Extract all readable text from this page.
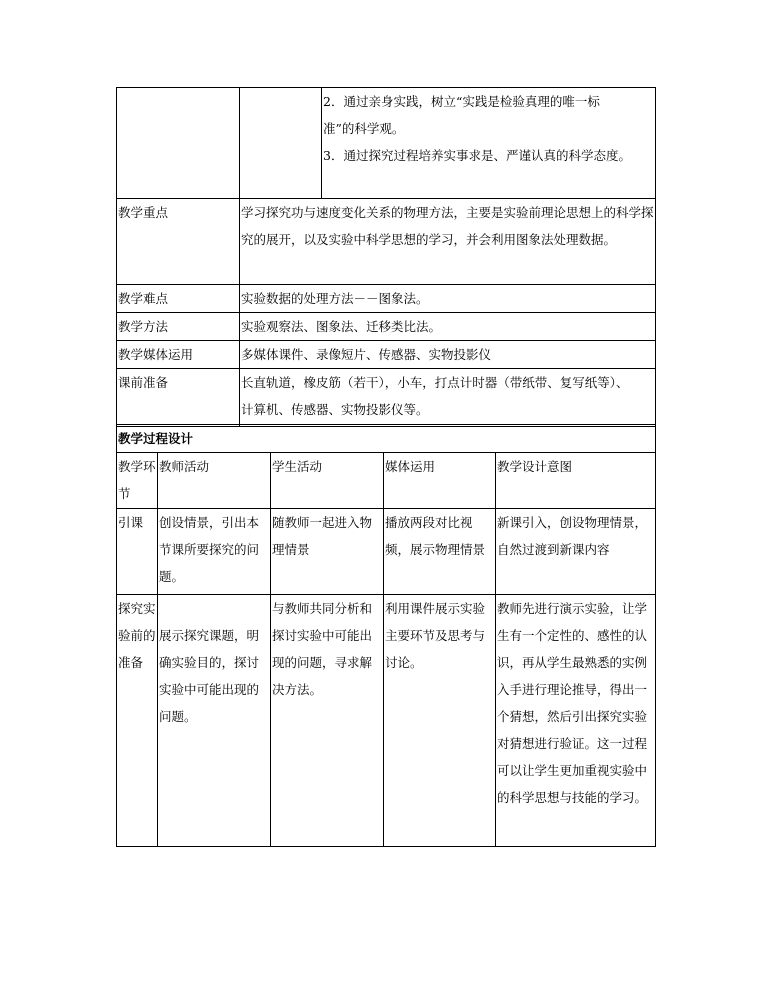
2．通过亲身实践，树立“实践是检验真理的唯一标准”的科学观。
3．通过探究过程培养实事求是、严谨认真的科学态度。
教学重点	学习探究功与速度变化关系的物理方法，主要是实验前理论思想上的科学探究的展开，以及实验中科学思想的学习，并会利用图象法处理数据。
教学难点	实验数据的处理方法－－图象法。
教学方法	实验观察法、图象法、迁移类比法。
教学媒体运用	多媒体课件、录像短片、传感器、实物投影仪
课前准备	长直轨道，橡皮筋（若干），小车，打点计时器（带纸带、复写纸等）、计算机、传感器、实物投影仪等。
教学过程设计				
教学环节	教师活动	学生活动	媒体运用	教学设计意图
引课	创设情景，引出本节课所要探究的问题。	随教师一起进入物理情景	播放两段对比视频，展示物理情景	新课引入，创设物理情景，自然过渡到新课内容
探究实验前的准备	展示探究课题，明确实验目的，探讨实验中可能出现的问题。	与教师共同分析和探讨实验中可能出现的问题，寻求解决方法。	利用课件展示实验主要环节及思考与讨论。	教师先进行演示实验，让学生有一个定性的、感性的认识，再从学生最熟悉的实例入手进行理论推导，得出一个猜想，然后引出探究实验对猜想进行验证。这一过程可以让学生更加重视实验中的科学思想与技能的学习。
